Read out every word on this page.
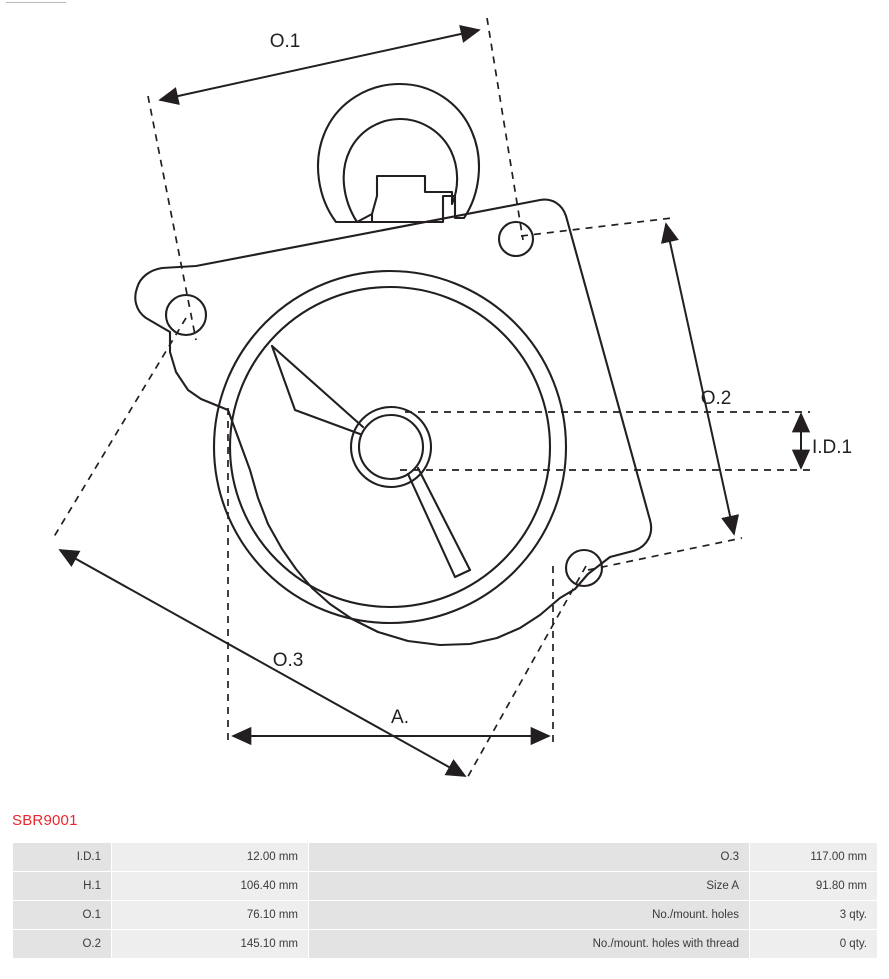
O.1
O.2
O.3
I.D.1
A.
SBR9001
I.D.1	12.00 mm	O.3	117.00 mm
H.1	106.40 mm	Size A	91.80 mm
O.1	76.10 mm	No./mount. holes	3 qty.
O.2	145.10 mm	No./mount. holes with thread	0 qty.
